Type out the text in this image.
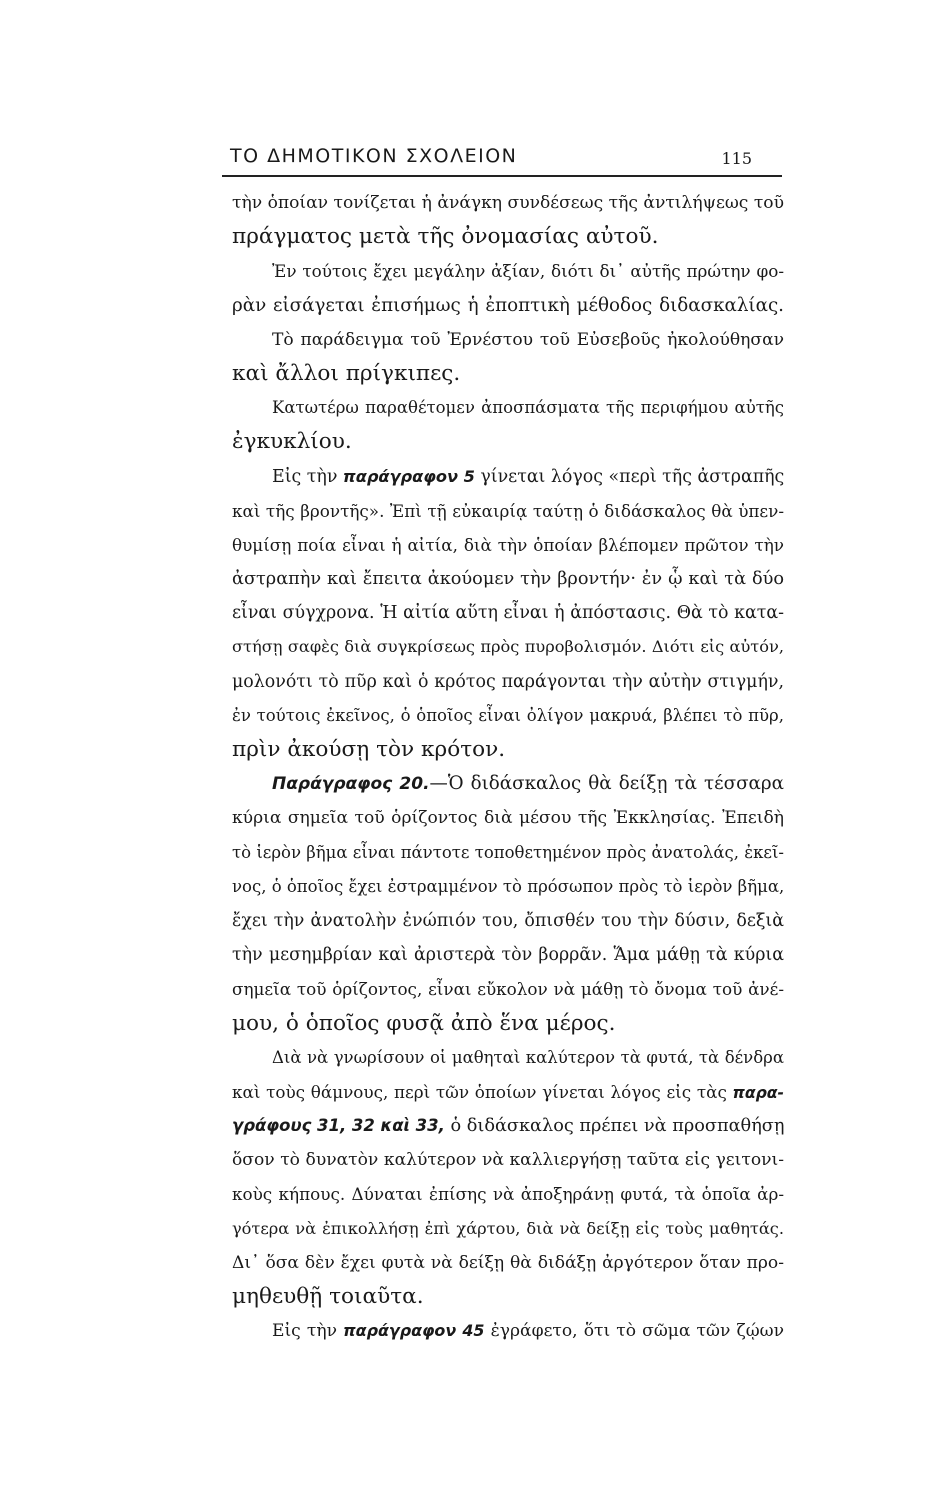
ΤΟ ΔΗΜΟΤΙΚΟΝ ΣΧΟΛΕΙΟΝ	115
τὴν ὁποίαν τονίζεται ἡ ἀνάγκη συνδέσεως τῆς ἀντιλήψεως τοῦ
πράγματος μετὰ τῆς ὀνομασίας αὐτοῦ.
Ἐν τούτοις ἔχει μεγάλην ἀξίαν, διότι δι᾿ αὐτῆς πρώτην φο-
ρὰν εἰσάγεται ἐπισήμως ἡ ἐποπτικὴ μέθοδος διδασκαλίας.
Τὸ παράδειγμα τοῦ Ἐρνέστου τοῦ Εὐσεβοῦς ἠκολούθησαν
καὶ ἄλλοι πρίγκιπες.
Κατωτέρω παραθέτομεν ἀποσπάσματα τῆς περιφήμου αὐτῆς
ἐγκυκλίου.
Εἰς τὴν παράγραφον 5 γίνεται λόγος «περὶ τῆς ἀστραπῆς
καὶ τῆς βροντῆς». Ἐπὶ τῇ εὐκαιρίᾳ ταύτῃ ὁ διδάσκαλος θὰ ὑπεν-
θυμίσῃ ποία εἶναι ἡ αἰτία, διὰ τὴν ὁποίαν βλέπομεν πρῶτον τὴν
ἀστραπὴν καὶ ἔπειτα ἀκούομεν τὴν βροντήν· ἐν ᾧ καὶ τὰ δύο
εἶναι σύγχρονα. Ἡ αἰτία αὕτη εἶναι ἡ ἀπόστασις. Θὰ τὸ κατα-
στήσῃ σαφὲς διὰ συγκρίσεως πρὸς πυροβολισμόν. Διότι εἰς αὐτόν,
μολονότι τὸ πῦρ καὶ ὁ κρότος παράγονται τὴν αὐτὴν στιγμήν,
ἐν τούτοις ἐκεῖνος, ὁ ὁποῖος εἶναι ὀλίγον μακρυά, βλέπει τὸ πῦρ,
πρὶν ἀκούσῃ τὸν κρότον.
Παράγραφος 20.—Ὁ διδάσκαλος θὰ δείξῃ τὰ τέσσαρα
κύρια σημεῖα τοῦ ὁρίζοντος διὰ μέσου τῆς Ἐκκλησίας. Ἐπειδὴ
τὸ ἱερὸν βῆμα εἶναι πάντοτε τοποθετημένον πρὸς ἀνατολάς, ἐκεῖ-
νος, ὁ ὁποῖος ἔχει ἐστραμμένον τὸ πρόσωπον πρὸς τὸ ἱερὸν βῆμα,
ἔχει τὴν ἀνατολὴν ἐνώπιόν του, ὄπισθέν του τὴν δύσιν, δεξιὰ
τὴν μεσημβρίαν καὶ ἀριστερὰ τὸν βορρᾶν. Ἅμα μάθῃ τὰ κύρια
σημεῖα τοῦ ὁρίζοντος, εἶναι εὔκολον νὰ μάθῃ τὸ ὄνομα τοῦ ἀνέ-
μου, ὁ ὁποῖος φυσᾷ ἀπὸ ἕνα μέρος.
Διὰ νὰ γνωρίσουν οἱ μαθηταὶ καλύτερον τὰ φυτά, τὰ δένδρα
καὶ τοὺς θάμνους, περὶ τῶν ὁποίων γίνεται λόγος εἰς τὰς παρα-
γράφους 31, 32 καὶ 33, ὁ διδάσκαλος πρέπει νὰ προσπαθήσῃ
ὅσον τὸ δυνατὸν καλύτερον νὰ καλλιεργήσῃ ταῦτα εἰς γειτονι-
κοὺς κήπους. Δύναται ἐπίσης νὰ ἀποξηράνῃ φυτά, τὰ ὁποῖα ἀρ-
γότερα νὰ ἐπικολλήσῃ ἐπὶ χάρτου, διὰ νὰ δείξῃ εἰς τοὺς μαθητάς.
Δι᾿ ὅσα δὲν ἔχει φυτὰ νὰ δείξῃ θὰ διδάξῃ ἀργότερον ὅταν προ-
μηθευθῇ τοιαῦτα.
Εἰς τὴν παράγραφον 45 ἐγράφετο, ὅτι τὸ σῶμα τῶν ζῴων
